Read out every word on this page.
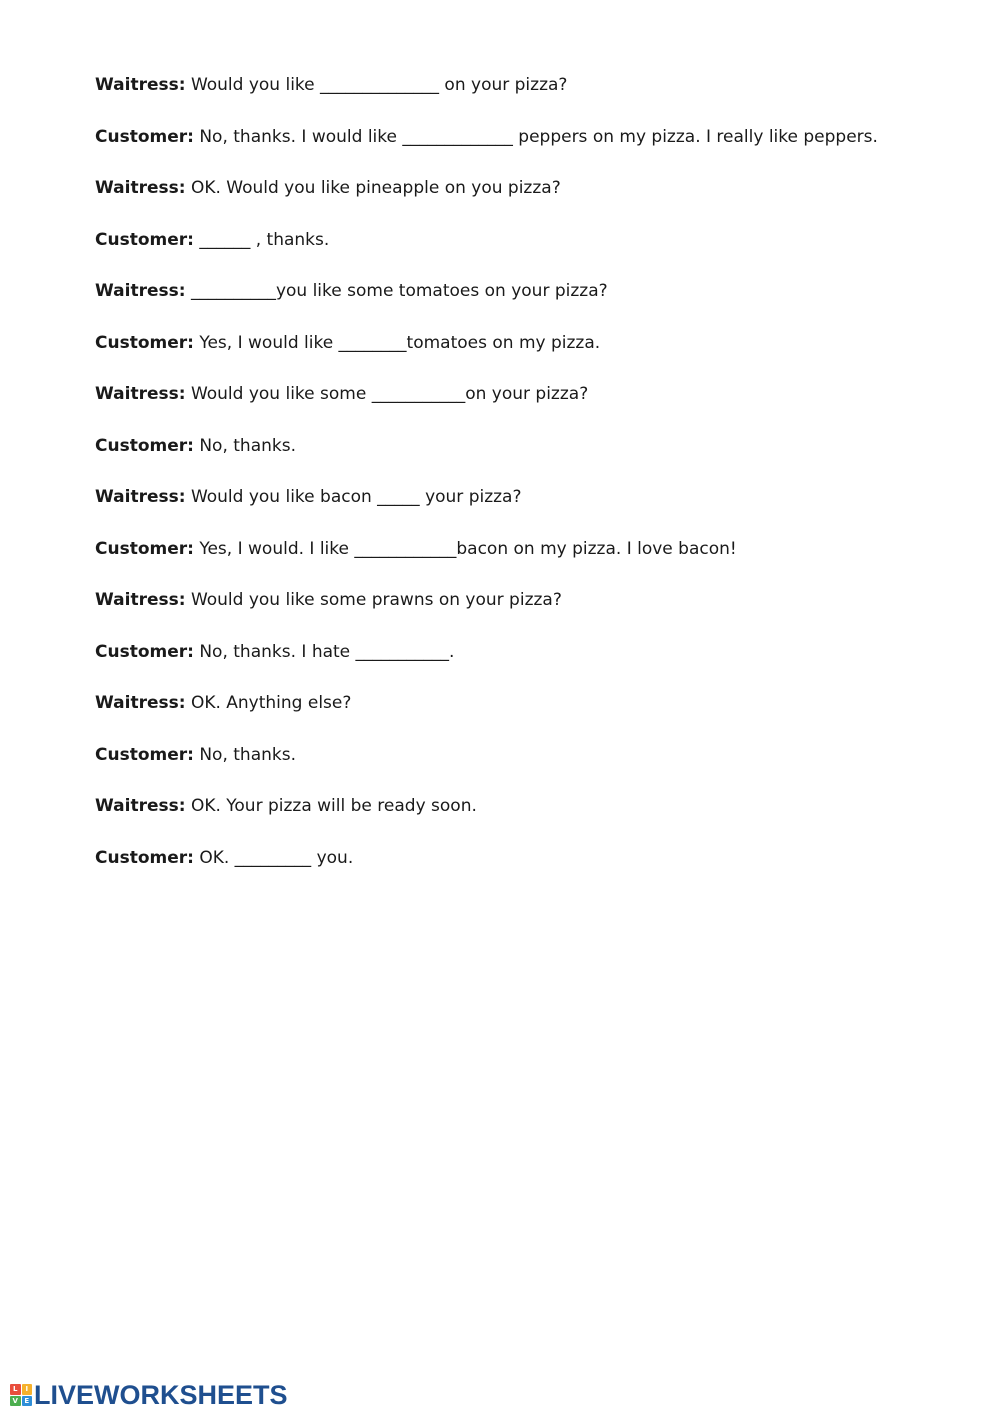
Waitress: Would you like ______________ on your pizza?
Customer: No, thanks. I would like _____________ peppers on my pizza. I really like peppers.
Waitress: OK. Would you like pineapple on you pizza?
Customer: ______ , thanks.
Waitress: __________you like some tomatoes on your pizza?
Customer: Yes, I would like ________tomatoes on my pizza.
Waitress: Would you like some ___________on your pizza?
Customer: No, thanks.
Waitress: Would you like bacon _____ your pizza?
Customer: Yes, I would. I like ____________bacon on my pizza. I love bacon!
Waitress: Would you like some prawns on your pizza?
Customer: No, thanks. I hate ___________.
Waitress: OK. Anything else?
Customer: No, thanks.
Waitress: OK. Your pizza will be ready soon.
Customer: OK. _________ you.
L	I
V E LIVEWORKSHEETS
